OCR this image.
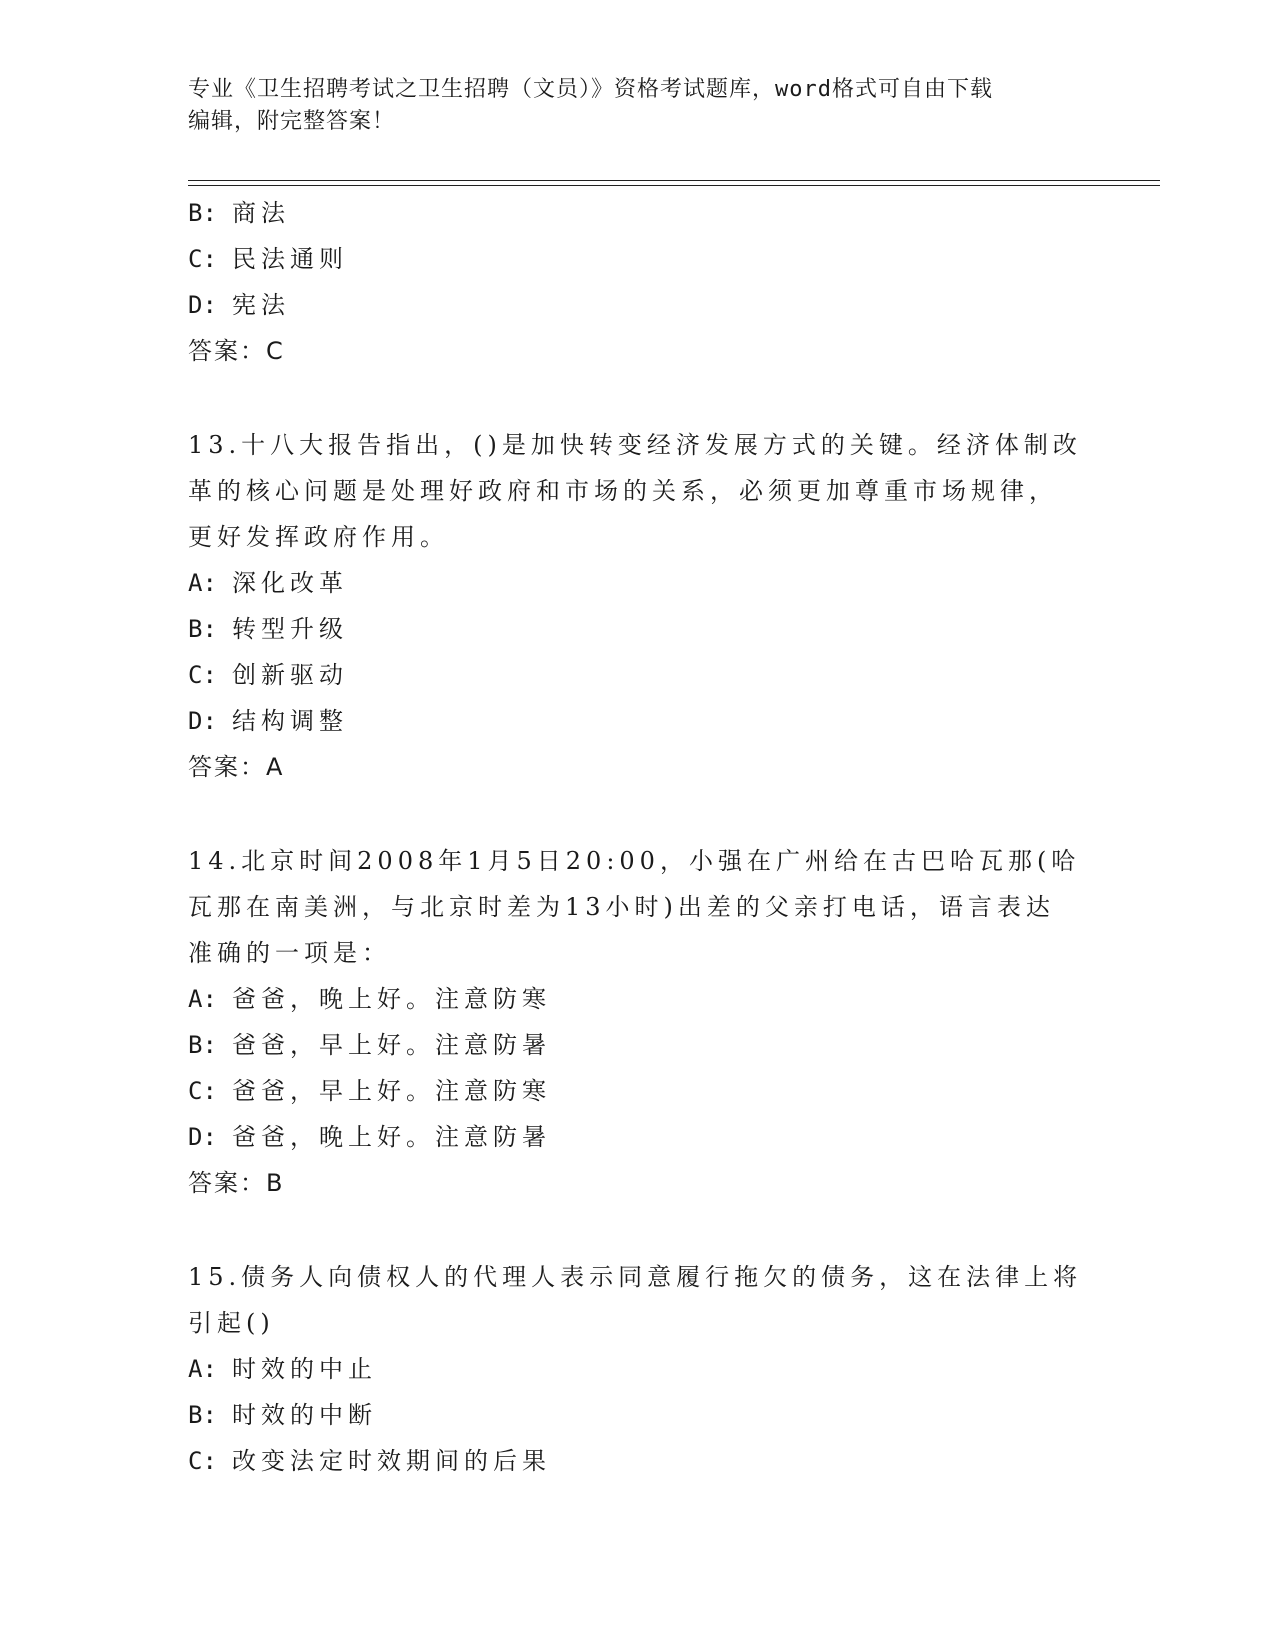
专业《卫生招聘考试之卫生招聘（文员）》资格考试题库，word格式可自由下载
编辑，附完整答案！
B: 商法
C: 民法通则
D: 宪法
答案：C
13.十八大报告指出，()是加快转变经济发展方式的关键。经济体制改
革的核心问题是处理好政府和市场的关系，必须更加尊重市场规律，
更好发挥政府作用。
A: 深化改革
B: 转型升级
C: 创新驱动
D: 结构调整
答案：A
14.北京时间2008年1月5日20:00，小强在广州给在古巴哈瓦那(哈
瓦那在南美洲，与北京时差为13小时)出差的父亲打电话，语言表达
准确的一项是：
A: 爸爸，晚上好。注意防寒
B: 爸爸，早上好。注意防暑
C: 爸爸，早上好。注意防寒
D: 爸爸，晚上好。注意防暑
答案：B
15.债务人向债权人的代理人表示同意履行拖欠的债务，这在法律上将
引起()
A: 时效的中止
B: 时效的中断
C: 改变法定时效期间的后果
